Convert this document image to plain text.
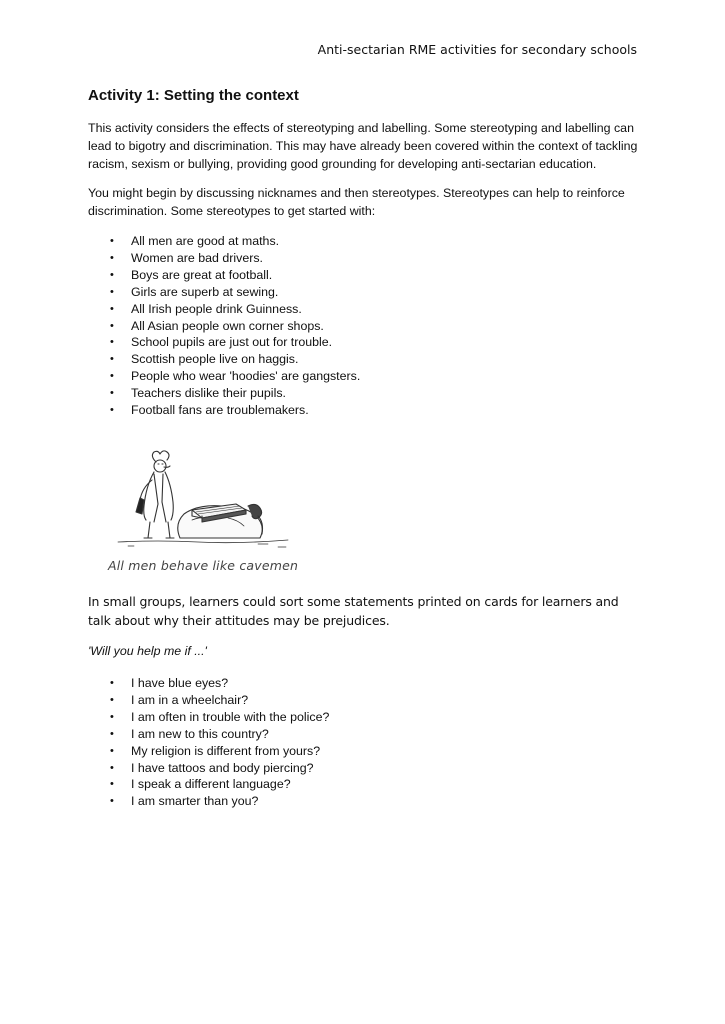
Anti-sectarian RME activities for secondary schools
Activity 1: Setting the context

This activity considers the effects of stereotyping and labelling. Some stereotyping and labelling can lead to bigotry and discrimination. This may have already been covered within the context of tackling racism, sexism or bullying, providing good grounding for developing anti-sectarian education.

You might begin by discussing nicknames and then stereotypes. Stereotypes can help to reinforce discrimination. Some stereotypes to get started with:

• All men are good at maths.
• Women are bad drivers.
• Boys are great at football.
• Girls are superb at sewing.
• All Irish people drink Guinness.
• All Asian people own corner shops.
• School pupils are just out for trouble.
• Scottish people live on haggis.
• People who wear 'hoodies' are gangsters.
• Teachers dislike their pupils.
• Football fans are troublemakers.
All men behave like cavemen

In small groups, learners could sort some statements printed on cards for learners and talk about why their attitudes may be prejudices.

'Will you help me if ...'

• I have blue eyes?
• I am in a wheelchair?
• I am often in trouble with the police?
• I am new to this country?
• My religion is different from yours?
• I have tattoos and body piercing?
• I speak a different language?
• I am smarter than you?
